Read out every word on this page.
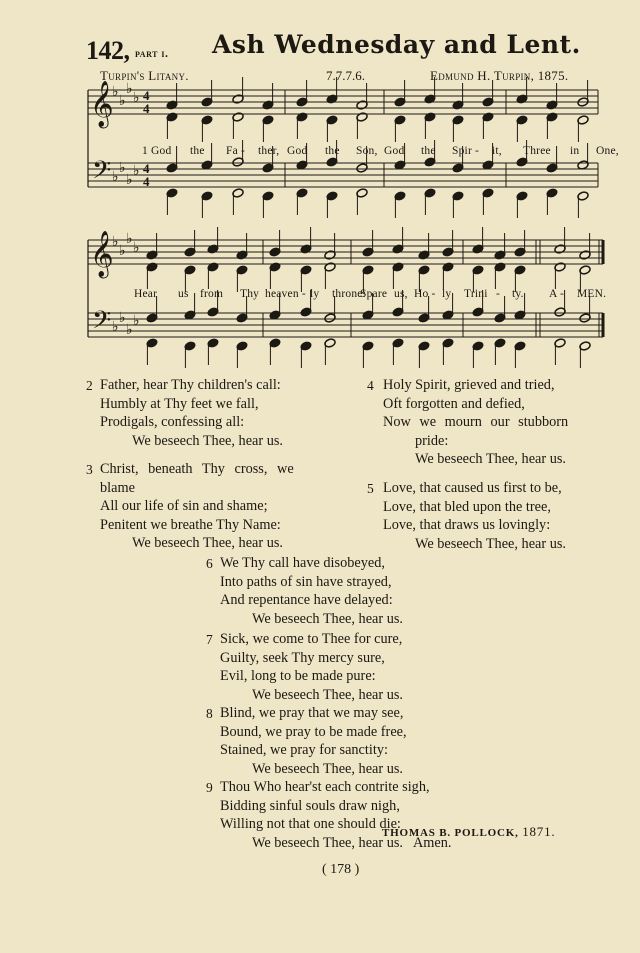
142, part i. Ash Wednesday and Lent.
Turpin's Litany.	7.7.7.6.	Edmund H. Turpin, 1875.
𝄞
𝄢
♭
♭
♭
♭
♭
♭
♭
♭
4
4
4
4
𝄞
𝄢
♭
♭
♭
♭
♭
♭
♭
♭
1 God the Fa - ther, God the Son, God the Spir - it, Three in One,
Hear us from Thy heaven - ly throne:
Spare us, Ho - ly Trini - ty. A - MEN.
2 Father, hear Thy children's call:
Humbly at Thy feet we fall,
Prodigals, confessing all:
We beseech Thee, hear us.
3 Christ, beneath Thy cross, we
blame
All our life of sin and shame;
Penitent we breathe Thy Name:
We beseech Thee, hear us.
4 Holy Spirit, grieved and tried,
Oft forgotten and defied,
Now we mourn our stubborn
pride:
We beseech Thee, hear us.
5 Love, that caused us first to be,
Love, that bled upon the tree,
Love, that draws us lovingly:
We beseech Thee, hear us.
6 We Thy call have disobeyed,
Into paths of sin have strayed,
And repentance have delayed:
We beseech Thee, hear us.
7 Sick, we come to Thee for cure,
Guilty, seek Thy mercy sure,
Evil, long to be made pure:
We beseech Thee, hear us.
8 Blind, we pray that we may see,
Bound, we pray to be made free,
Stained, we pray for sanctity:
We beseech Thee, hear us.
9 Thou Who hear'st each contrite sigh,
Bidding sinful souls draw nigh,
Willing not that one should die:
We beseech Thee, hear us.   Amen.
THOMAS B. POLLOCK, 1871.
( 178 )
